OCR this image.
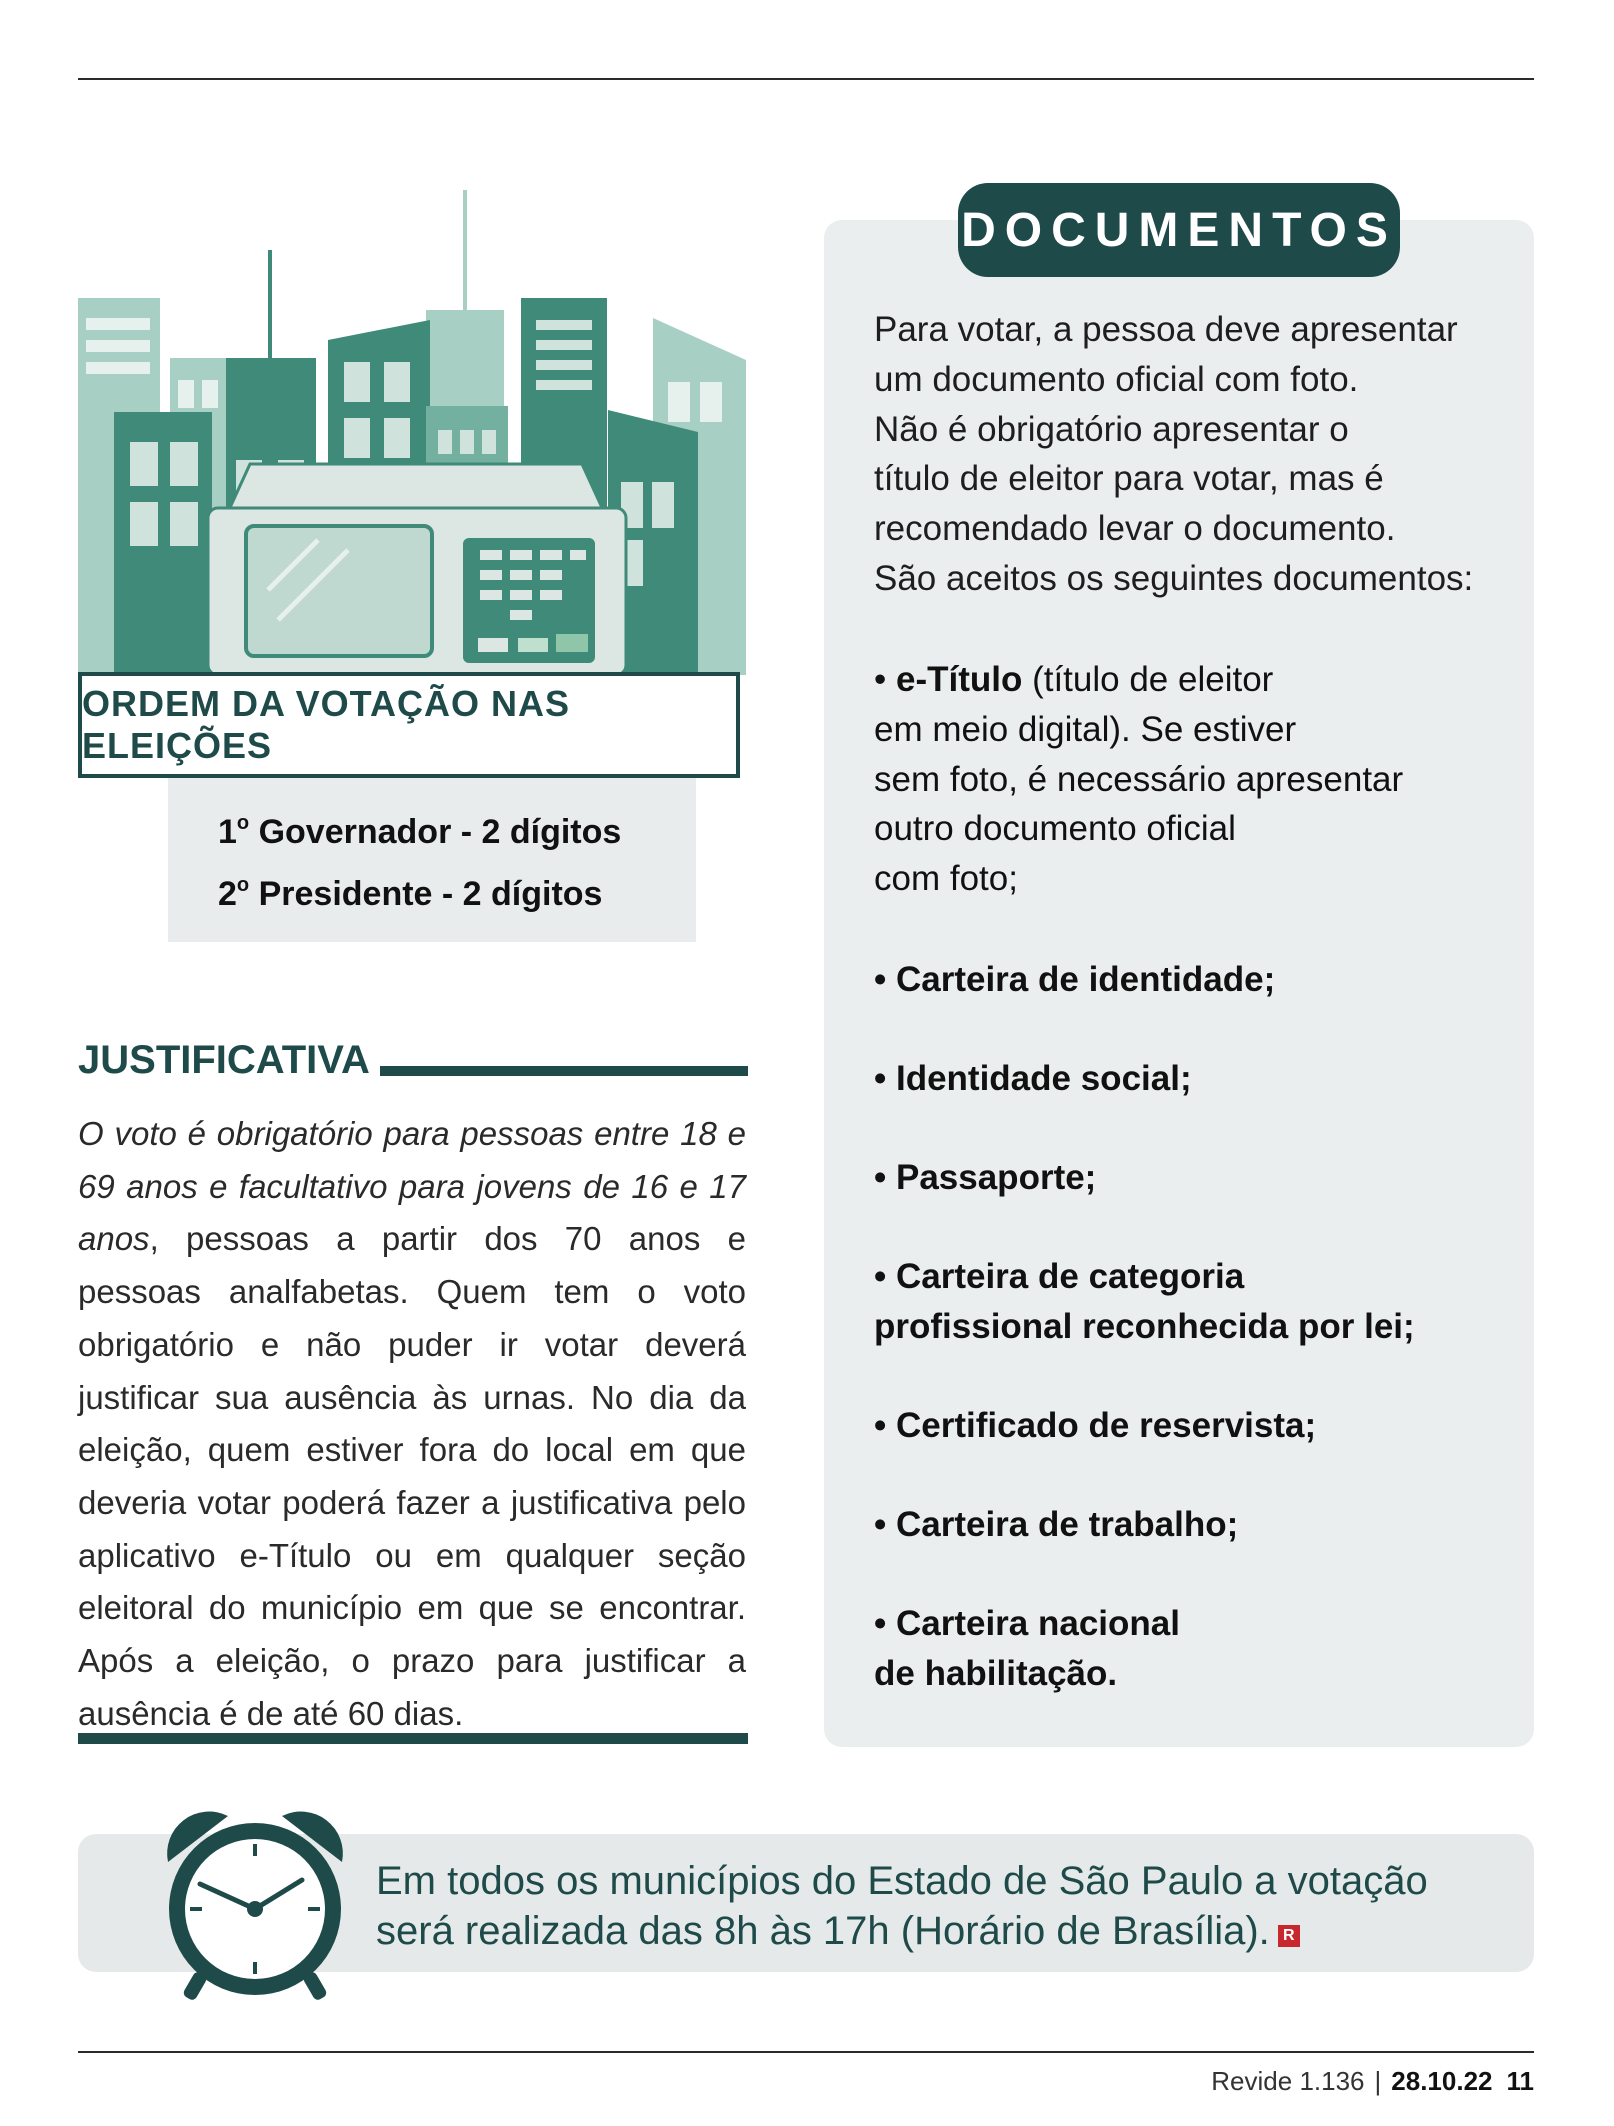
ORDEM DA VOTAÇÃO NAS ELEIÇÕES
1$^o$ Governador - 2 dígitos
2$^o$ Presidente - 2 dígitos
JUSTIFICATIVA
O voto é obrigatório para pessoas entre 18 e 69 anos e facultativo para jovens de 16 e 17 anos, pessoas a partir dos 70 anos e pessoas analfabetas. Quem tem o voto obrigatório e não puder ir votar deverá justificar sua ausência às urnas. No dia da eleição, quem estiver fora do local em que deveria votar poderá fazer a justificativa pelo aplicativo e-Título ou em qualquer seção eleitoral do município em que se encontrar. Após a eleição, o prazo para justificar a ausência é de até 60 dias.
DOCUMENTOS
Para votar, a pessoa deve apresentar
um documento oficial com foto.
Não é obrigatório apresentar o
título de eleitor para votar, mas é
recomendado levar o documento.
São aceitos os seguintes documentos:
• e-Título (título de eleitor
em meio digital). Se estiver
sem foto, é necessário apresentar
outro documento oficial
com foto;
• Carteira de identidade;
• Identidade social;
• Passaporte;
• Carteira de categoria
profissional reconhecida por lei;
• Certificado de reservista;
• Carteira de trabalho;
• Carteira nacional
de habilitação.
Em todos os municípios do Estado de São Paulo a votação
será realizada das 8h às 17h (Horário de Brasília). R
Revide 1.136 | 28.10.22 11
